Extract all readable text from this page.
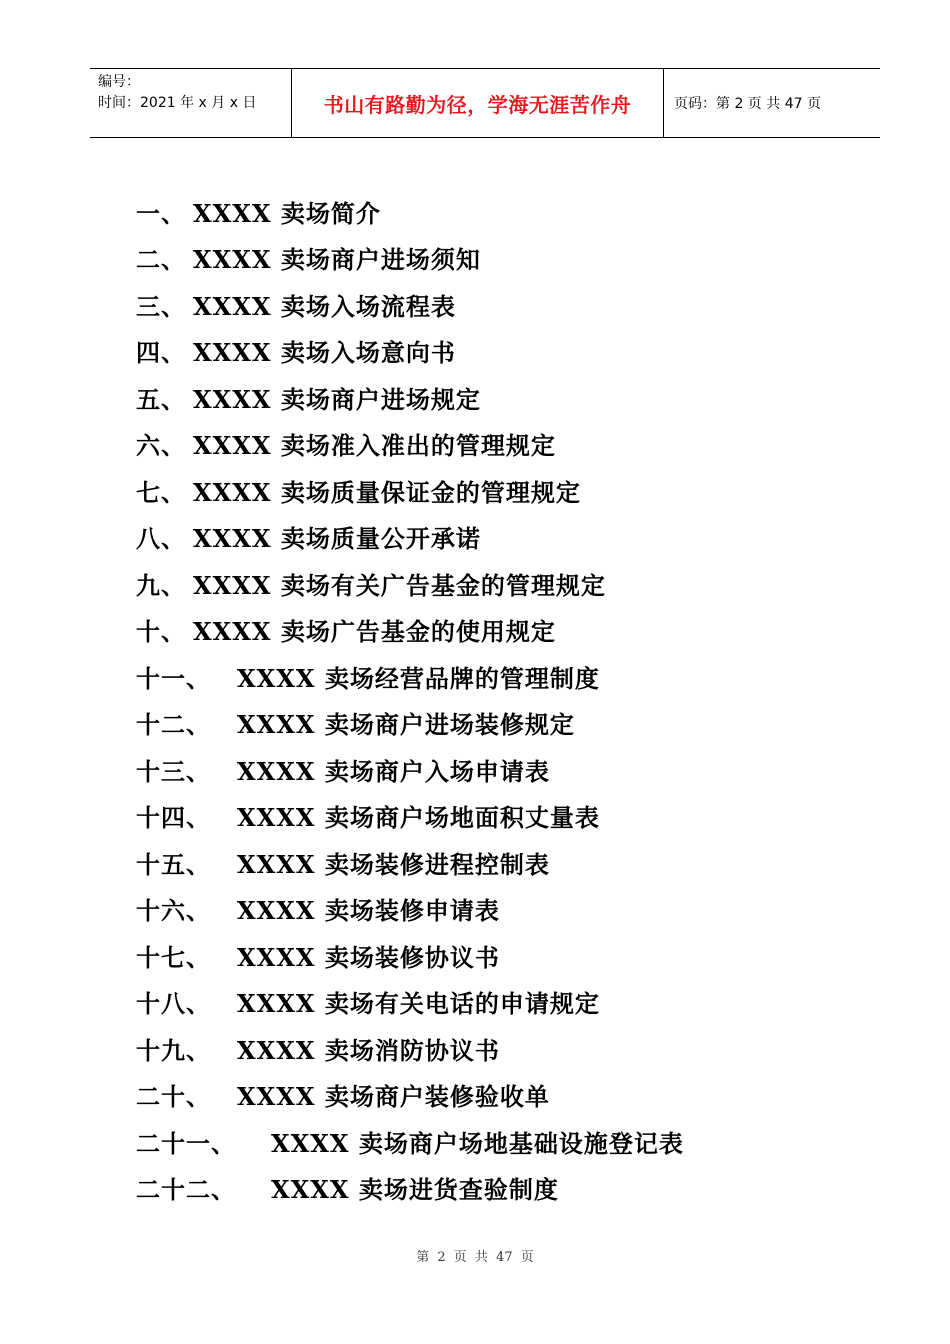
编号：
时间：2021 年 x 月 x 日	书山有路勤为径，学海无涯苦作舟	页码：第 2 页 共 47 页
一、 XXXX 卖场简介
二、 XXXX 卖场商户进场须知
三、 XXXX 卖场入场流程表
四、 XXXX 卖场入场意向书
五、 XXXX 卖场商户进场规定
六、 XXXX 卖场准入准出的管理规定
七、 XXXX 卖场质量保证金的管理规定
八、 XXXX 卖场质量公开承诺
九、 XXXX 卖场有关广告基金的管理规定
十、 XXXX 卖场广告基金的使用规定
十一、	XXXX 卖场经营品牌的管理制度
十二、	XXXX 卖场商户进场装修规定
十三、	XXXX 卖场商户入场申请表
十四、	XXXX 卖场商户场地面积丈量表
十五、	XXXX 卖场装修进程控制表
十六、	XXXX 卖场装修申请表
十七、	XXXX 卖场装修协议书
十八、	XXXX 卖场有关电话的申请规定
十九、	XXXX 卖场消防协议书
二十、	XXXX 卖场商户装修验收单
二十一、	XXXX 卖场商户场地基础设施登记表
二十二、	XXXX 卖场进货查验制度
第 2 页 共 47 页
